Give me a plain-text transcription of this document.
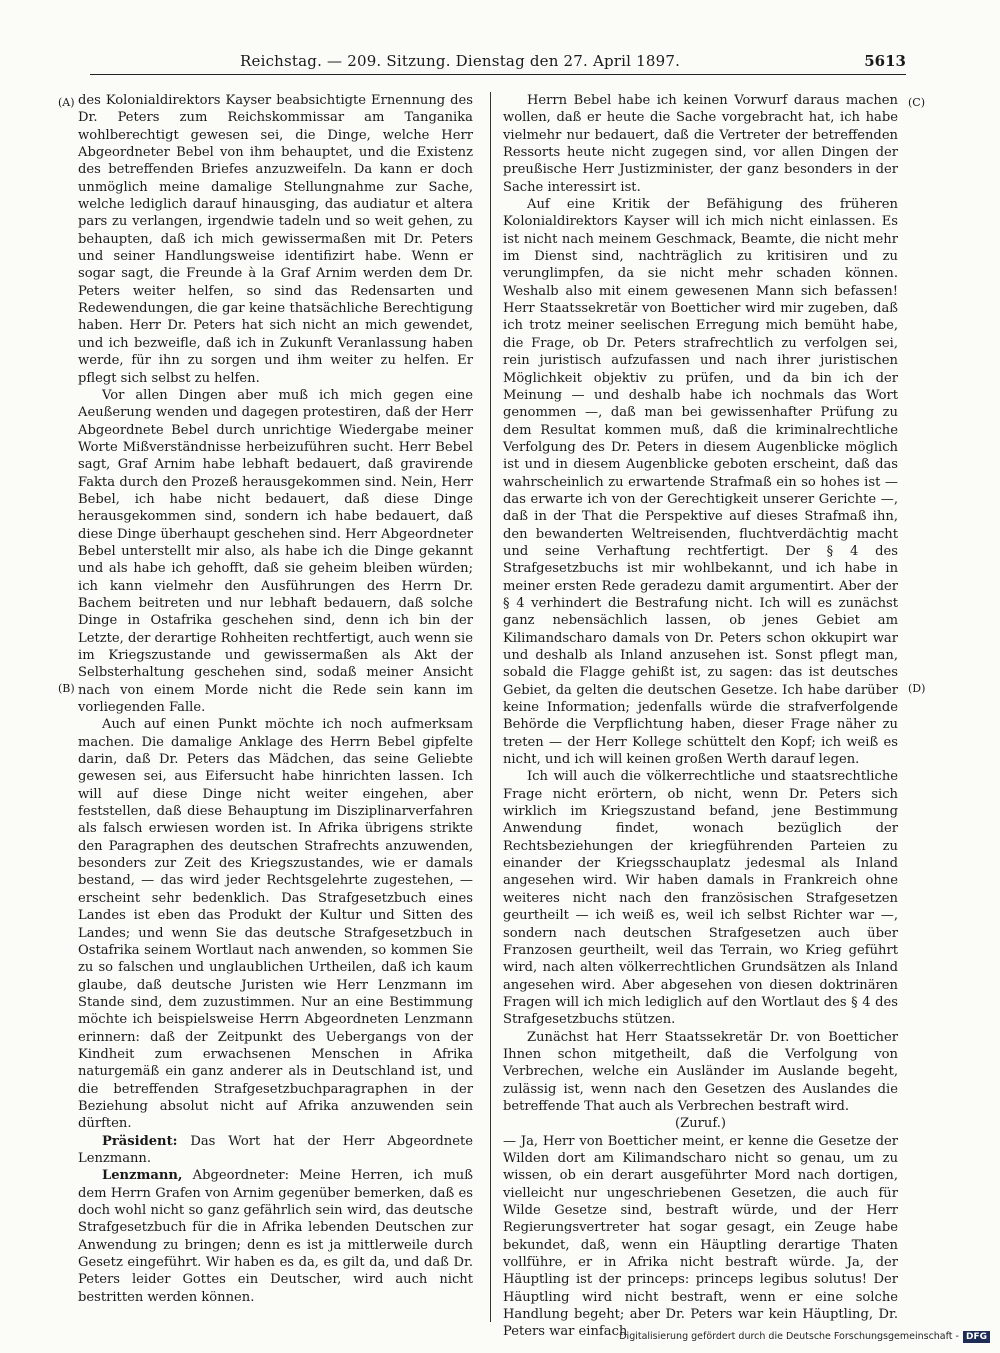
Reichstag. — 209. Sitzung. Dienstag den 27. April 1897.	5613
(A)
(B)
(C)
(D)

des Kolonialdirektors Kayser beabsichtigte Ernennung des Dr. Peters zum Reichskommissar am Tanganika wohlberechtigt gewesen sei, die Dinge, welche Herr Abgeordneter Bebel von ihm behauptet, und die Existenz des betreffenden Briefes anzuzweifeln. Da kann er doch unmöglich meine damalige Stellungnahme zur Sache, welche lediglich darauf hinausging, das audiatur et altera pars zu verlangen, irgendwie tadeln und so weit gehen, zu behaupten, daß ich mich gewissermaßen mit Dr. Peters und seiner Handlungsweise identifizirt habe. Wenn er sogar sagt, die Freunde à la Graf Arnim werden dem Dr. Peters weiter helfen, so sind das Redensarten und Redewendungen, die gar keine thatsächliche Berechtigung haben. Herr Dr. Peters hat sich nicht an mich gewendet, und ich bezweifle, daß ich in Zukunft Veranlassung haben werde, für ihn zu sorgen und ihm weiter zu helfen. Er pflegt sich selbst zu helfen.

Vor allen Dingen aber muß ich mich gegen eine Aeußerung wenden und dagegen protestiren, daß der Herr Abgeordnete Bebel durch unrichtige Wiedergabe meiner Worte Mißverständnisse herbeizuführen sucht. Herr Bebel sagt, Graf Arnim habe lebhaft bedauert, daß gravirende Fakta durch den Prozeß herausgekommen sind. Nein, Herr Bebel, ich habe nicht bedauert, daß diese Dinge herausgekommen sind, sondern ich habe bedauert, daß diese Dinge überhaupt geschehen sind. Herr Abgeordneter Bebel unterstellt mir also, als habe ich die Dinge gekannt und als habe ich gehofft, daß sie geheim bleiben würden; ich kann vielmehr den Ausführungen des Herrn Dr. Bachem beitreten und nur lebhaft bedauern, daß solche Dinge in Ostafrika geschehen sind, denn ich bin der Letzte, der derartige Rohheiten rechtfertigt, auch wenn sie im Kriegszustande und gewissermaßen als Akt der Selbsterhaltung geschehen sind, sodaß meiner Ansicht nach von einem Morde nicht die Rede sein kann im vorliegenden Falle.

Auch auf einen Punkt möchte ich noch aufmerksam machen. Die damalige Anklage des Herrn Bebel gipfelte darin, daß Dr. Peters das Mädchen, das seine Geliebte gewesen sei, aus Eifersucht habe hinrichten lassen. Ich will auf diese Dinge nicht weiter eingehen, aber feststellen, daß diese Behauptung im Disziplinarverfahren als falsch erwiesen worden ist. In Afrika übrigens strikte den Paragraphen des deutschen Strafrechts anzuwenden, besonders zur Zeit des Kriegszustandes, wie er damals bestand, — das wird jeder Rechtsgelehrte zugestehen, — erscheint sehr bedenklich. Das Strafgesetzbuch eines Landes ist eben das Produkt der Kultur und Sitten des Landes; und wenn Sie das deutsche Strafgesetzbuch in Ostafrika seinem Wortlaut nach anwenden, so kommen Sie zu so falschen und unglaublichen Urtheilen, daß ich kaum glaube, daß deutsche Juristen wie Herr Lenzmann im Stande sind, dem zuzustimmen. Nur an eine Bestimmung möchte ich beispielsweise Herrn Abgeordneten Lenzmann erinnern: daß der Zeitpunkt des Uebergangs von der Kindheit zum erwachsenen Menschen in Afrika naturgemäß ein ganz anderer als in Deutschland ist, und die betreffenden Strafgesetzbuchparagraphen in der Beziehung absolut nicht auf Afrika anzuwenden sein dürften.

Präsident: Das Wort hat der Herr Abgeordnete Lenzmann.

Lenzmann, Abgeordneter: Meine Herren, ich muß dem Herrn Grafen von Arnim gegenüber bemerken, daß es doch wohl nicht so ganz gefährlich sein wird, das deutsche Strafgesetzbuch für die in Afrika lebenden Deutschen zur Anwendung zu bringen; denn es ist ja mittlerweile durch Gesetz eingeführt. Wir haben es da, es gilt da, und daß Dr. Peters leider Gottes ein Deutscher, wird auch nicht bestritten werden können.

Herrn Bebel habe ich keinen Vorwurf daraus machen wollen, daß er heute die Sache vorgebracht hat, ich habe vielmehr nur bedauert, daß die Vertreter der betreffenden Ressorts heute nicht zugegen sind, vor allen Dingen der preußische Herr Justizminister, der ganz besonders in der Sache interessirt ist.

Auf eine Kritik der Befähigung des früheren Kolonialdirektors Kayser will ich mich nicht einlassen. Es ist nicht nach meinem Geschmack, Beamte, die nicht mehr im Dienst sind, nachträglich zu kritisiren und zu verunglimpfen, da sie nicht mehr schaden können. Weshalb also mit einem gewesenen Mann sich befassen! Herr Staatssekretär von Boetticher wird mir zugeben, daß ich trotz meiner seelischen Erregung mich bemüht habe, die Frage, ob Dr. Peters strafrechtlich zu verfolgen sei, rein juristisch aufzufassen und nach ihrer juristischen Möglichkeit objektiv zu prüfen, und da bin ich der Meinung — und deshalb habe ich nochmals das Wort genommen —, daß man bei gewissenhafter Prüfung zu dem Resultat kommen muß, daß die kriminalrechtliche Verfolgung des Dr. Peters in diesem Augenblicke möglich ist und in diesem Augenblicke geboten erscheint, daß das wahrscheinlich zu erwartende Strafmaß ein so hohes ist — das erwarte ich von der Gerechtigkeit unserer Gerichte —, daß in der That die Perspektive auf dieses Strafmaß ihn, den bewanderten Weltreisenden, fluchtverdächtig macht und seine Verhaftung rechtfertigt. Der § 4 des Strafgesetzbuchs ist mir wohlbekannt, und ich habe in meiner ersten Rede geradezu damit argumentirt. Aber der § 4 verhindert die Bestrafung nicht. Ich will es zunächst ganz nebensächlich lassen, ob jenes Gebiet am Kilimandscharo damals von Dr. Peters schon okkupirt war und deshalb als Inland anzusehen ist. Sonst pflegt man, sobald die Flagge gehißt ist, zu sagen: das ist deutsches Gebiet, da gelten die deutschen Gesetze. Ich habe darüber keine Information; jedenfalls würde die strafverfolgende Behörde die Verpflichtung haben, dieser Frage näher zu treten — der Herr Kollege schüttelt den Kopf; ich weiß es nicht, und ich will keinen großen Werth darauf legen.

Ich will auch die völkerrechtliche und staatsrechtliche Frage nicht erörtern, ob nicht, wenn Dr. Peters sich wirklich im Kriegszustand befand, jene Bestimmung Anwendung findet, wonach bezüglich der Rechtsbeziehungen der kriegführenden Parteien zu einander der Kriegsschauplatz jedesmal als Inland angesehen wird. Wir haben damals in Frankreich ohne weiteres nicht nach den französischen Strafgesetzen geurtheilt — ich weiß es, weil ich selbst Richter war —, sondern nach deutschen Strafgesetzen auch über Franzosen geurtheilt, weil das Terrain, wo Krieg geführt wird, nach alten völkerrechtlichen Grundsätzen als Inland angesehen wird. Aber abgesehen von diesen doktrinären Fragen will ich mich lediglich auf den Wortlaut des § 4 des Strafgesetzbuchs stützen.

Zunächst hat Herr Staatssekretär Dr. von Boetticher Ihnen schon mitgetheilt, daß die Verfolgung von Verbrechen, welche ein Ausländer im Auslande begeht, zulässig ist, wenn nach den Gesetzen des Auslandes die betreffende That auch als Verbrechen bestraft wird.

(Zuruf.)

— Ja, Herr von Boetticher meint, er kenne die Gesetze der Wilden dort am Kilimandscharo nicht so genau, um zu wissen, ob ein derart ausgeführter Mord nach dortigen, vielleicht nur ungeschriebenen Gesetzen, die auch für Wilde Gesetze sind, bestraft würde, und der Herr Regierungsvertreter hat sogar gesagt, ein Zeuge habe bekundet, daß, wenn ein Häuptling derartige Thaten vollführe, er in Afrika nicht bestraft würde. Ja, der Häuptling ist der princeps: princeps legibus solutus! Der Häuptling wird nicht bestraft, wenn er eine solche Handlung begeht; aber Dr. Peters war kein Häuptling, Dr. Peters war einfach

Digitalisierung gefördert durch die Deutsche Forschungsgemeinschaft - DFG
